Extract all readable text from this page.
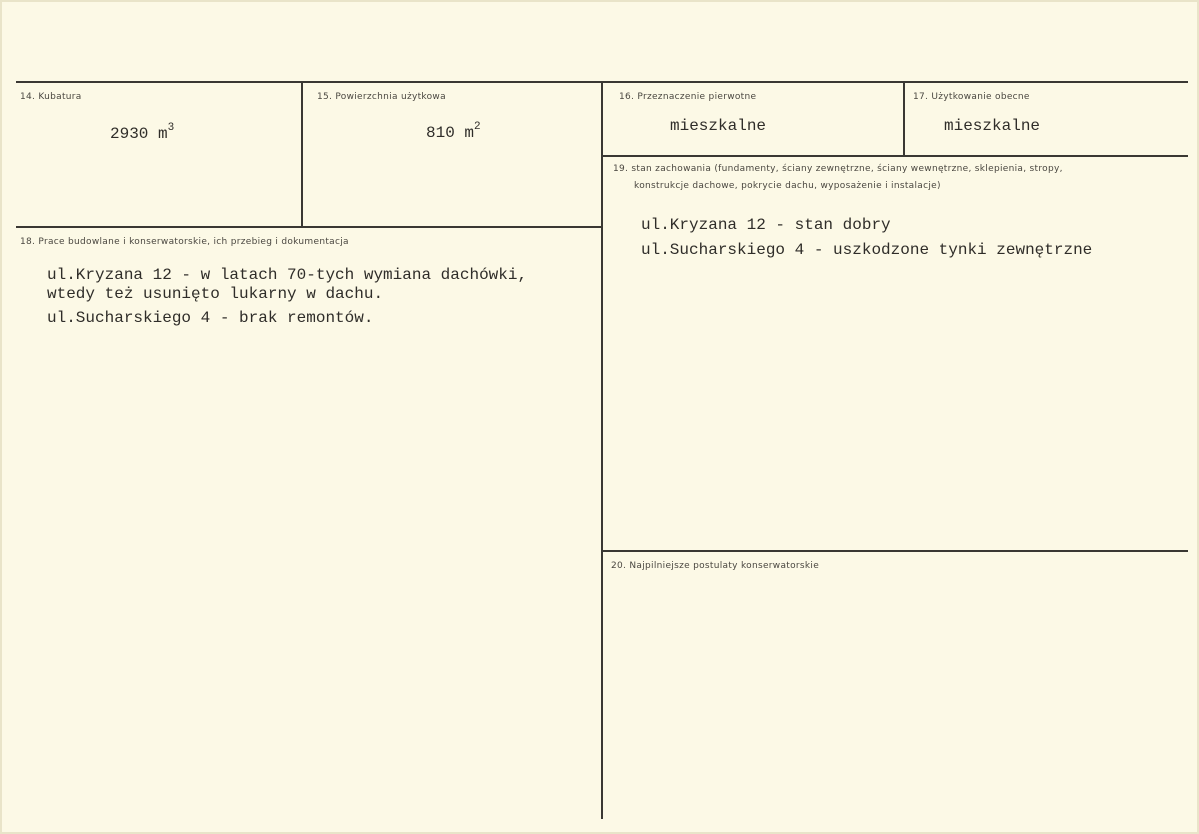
14. Kubatura
2930 $m^3$
15. Powierzchnia użytkowa
810 $m^2$
16. Przeznaczenie pierwotne
mieszkalne
17. Użytkowanie obecne
mieszkalne
18. Prace budowlane i konserwatorskie, ich przebieg i dokumentacja
ul.Kryzana 12 - w latach 70-tych wymiana dachówki,
wtedy też usunięto lukarny w dachu.
ul.Sucharskiego 4 - brak remontów.
19. stan zachowania (fundamenty, ściany zewnętrzne, ściany wewnętrzne, sklepienia, stropy,
konstrukcje dachowe, pokrycie dachu, wyposażenie i instalacje)
ul.Kryzana 12 - stan dobry
ul.Sucharskiego 4 - uszkodzone tynki zewnętrzne
20. Najpilniejsze postulaty konserwatorskie
